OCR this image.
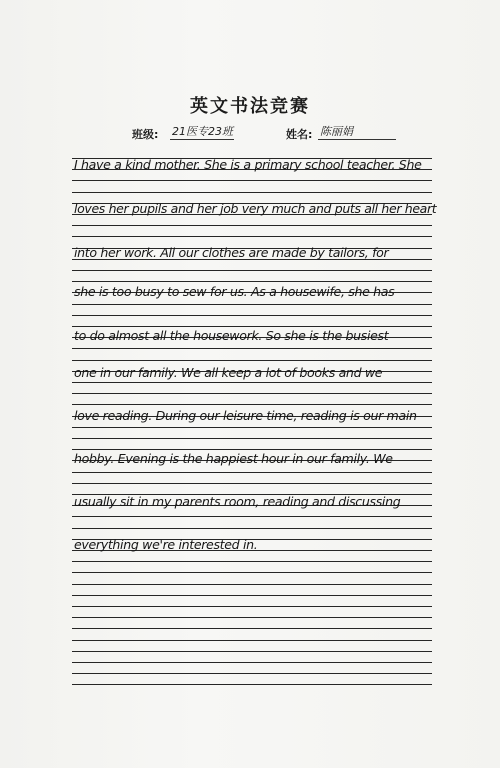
英文书法竞赛
班级: 21医专23班	姓名: 陈丽娟
I have a kind mother. She is a primary school teacher. She
loves her pupils and her job very much and puts all her heart
into her work. All our clothes are made by tailors, for
she is too busy to sew for us. As a housewife, she has
to do almost all the housework. So she is the busiest
one in our family. We all keep a lot of books and we
love reading. During our leisure time, reading is our main
hobby. Evening is the happiest hour in our family. We
usually sit in my parents room, reading and discussing
everything we're interested in.
